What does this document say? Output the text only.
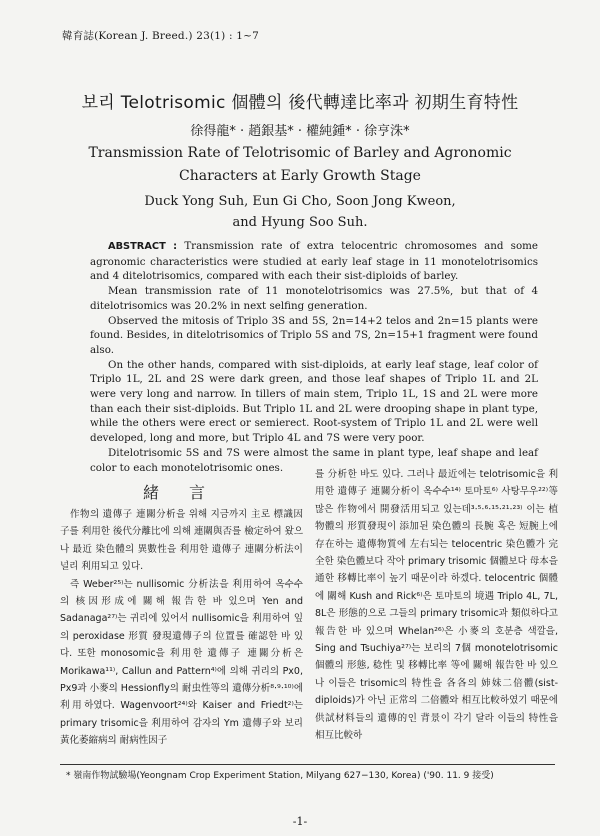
韓育誌(Korean J. Breed.) 23(1) : 1~7
보리 Telotrisomic 個體의 後代轉達比率과 初期生育特性
徐得龍* · 趙銀基* · 權純鍾* · 徐亨洙*
Transmission Rate of Telotrisomic of Barley and Agronomic
Characters at Early Growth Stage
Duck Yong Suh, Eun Gi Cho, Soon Jong Kweon,
and Hyung Soo Suh.

ABSTRACT : Transmission rate of extra telocentric chromosomes and some agronomic characteristics were studied at early leaf stage in 11 monotelotrisomics and 4 ditelotrisomics, compared with each their sist-diploids of barley.

Mean transmission rate of 11 monotelotrisomics was 27.5%, but that of 4 ditelotrisomics was 20.2% in next selfing generation.

Observed the mitosis of Triplo 3S and 5S, 2n=14+2 telos and 2n=15 plants were found. Besides, in ditelotrisomics of Triplo 5S and 7S, 2n=15+1 fragment were found also.

On the other hands, compared with sist-diploids, at early leaf stage, leaf color of Triplo 1L, 2L and 2S were dark green, and those leaf shapes of Triplo 1L and 2L were very long and narrow. In tillers of main stem, Triplo 1L, 1S and 2L were more than each their sist-diploids. But Triplo 1L and 2L were drooping shape in plant type, while the others were erect or semierect. Root-system of Triplo 1L and 2L were well developed, long and more, but Triplo 4L and 7S were very poor.

Ditelotrisomic 5S and 7S were almost the same in plant type, leaf shape and leaf color to each monotelotrisomic ones.

緒言

作物의 遺傳子 連關分析을 위해 지금까지 主로 標識因子를 利用한 後代分離比에 의해 連關與否를 檢定하여 왔으나 最近 染色體의 異數性을 利用한 遺傳子 連關分析法이 널리 利用되고 있다.

즉 Weber²⁵⁾는 nullisomic 分析法을 利用하여 옥수수의 核因形成에 關해 報告한 바 있으며 Yen and Sadanaga²⁷⁾는 귀리에 있어서 nullisomic을 利用하여 잎의 peroxidase 形質 發現遺傳子의 位置를 確認한 바 있다. 또한 monosomic을 利用한 遺傳子 連關分析은 Morikawa¹¹⁾, Callun and Pattern⁴⁾에 의해 귀리의 Px0, Px9과 小麥의 Hessionfly의 耐虫性等의 遺傳分析⁸⋅⁹⋅¹⁰⁾에 利用하였다. Wagenvoort²⁴⁾와 Kaiser and Friedt²⁾는 primary trisomic을 利用하여 감자의 Ym 遺傳子와 보리 黃化萎縮病의 耐病性因子

를 分析한 바도 있다. 그러나 最近에는 telotrisomic을 利用한 遺傳子 連關分析이 옥수수¹⁴⁾ 토마토⁶⁾ 사탕무우²²⁾等 많은 作物에서 開發活用되고 있는데³⋅⁵⋅⁶⋅¹⁵⋅²¹⋅²³⁾ 이는 植物體의 形質發現이 添加된 染色體의 長腕 혹은 短腕上에 存在하는 遺傳物質에 左右되는 telocentric 染色體가 完全한 染色體보다 작아 primary trisomic 個體보다 母本을 通한 移轉比率이 높기 때문이라 하겠다. telocentric 個體에 關해 Kush and Rick⁶⁾은 토마토의 境遇 Triplo 4L, 7L, 8L은 形態的으로 그들의 primary trisomic과 類似하다고 報告한 바 있으며 Whelan²⁶⁾은 小麥의 호분층 색깔을, Sing and Tsuchiya²⁷⁾는 보리의 7個 monotelotrisomic 個體의 形態, 稔性 및 移轉比率 等에 關해 報告한 바 있으나 이들은 trisomic의 特性을 各各의 姉妹二倍體(sist-diploids)가 아닌 正常의 二倍體와 相互比較하였기 때문에 供試材料들의 遺傳的인 背景이 각기 달라 이들의 特性을 相互比較하

* 嶺南作物試驗場(Yeongnam Crop Experiment Station, Milyang 627−130, Korea) ('90. 11. 9 接受)
-1-
